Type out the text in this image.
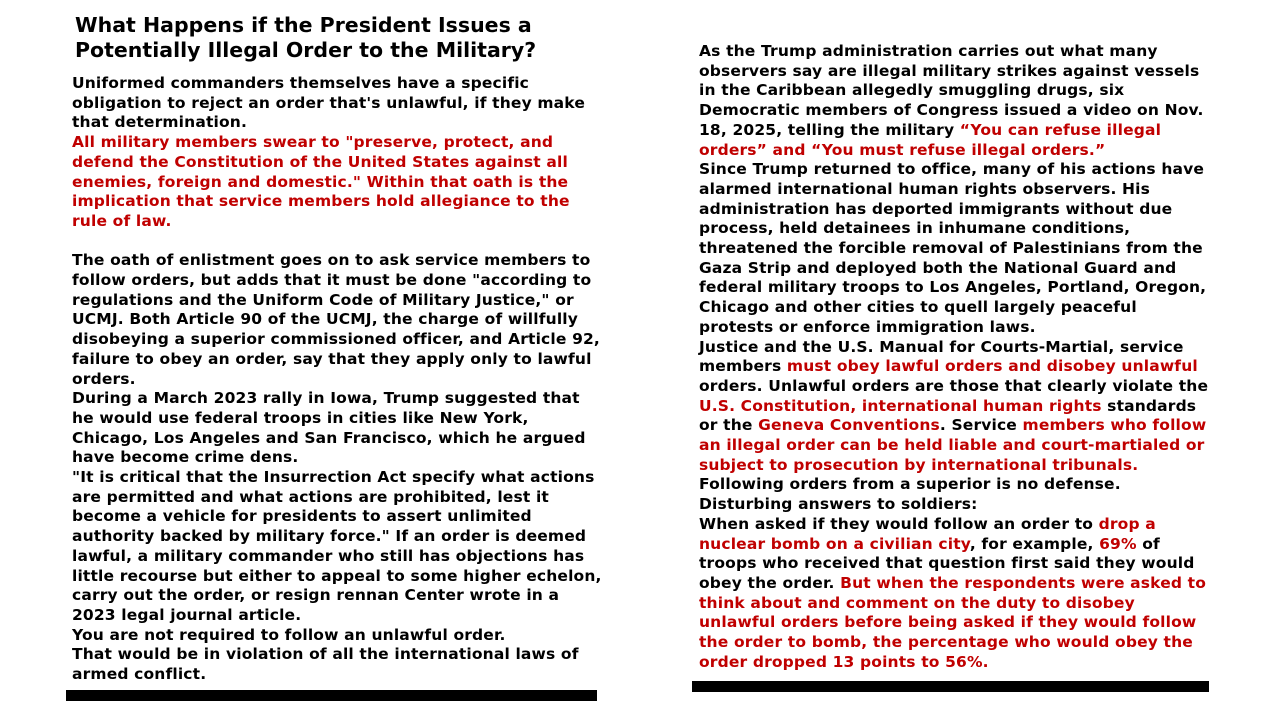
What Happens if the President Issues a Potentially Illegal Order to the Military?

Uniformed commanders themselves have a specific obligation to reject an order that's unlawful, if they make that determination.

All military members swear to "preserve, protect, and defend the Constitution of the United States against all enemies, foreign and domestic." Within that oath is the implication that service members hold allegiance to the rule of law.

The oath of enlistment goes on to ask service members to follow orders, but adds that it must be done "according to regulations and the Uniform Code of Military Justice," or UCMJ. Both Article 90 of the UCMJ, the charge of willfully disobeying a superior commissioned officer, and Article 92, failure to obey an order, say that they apply only to lawful orders.

During a March 2023 rally in Iowa, Trump suggested that he would use federal troops in cities like New York, Chicago, Los Angeles and San Francisco, which he argued have become crime dens.

"It is critical that the Insurrection Act specify what actions are permitted and what actions are prohibited, lest it become a vehicle for presidents to assert unlimited authority backed by military force." If an order is deemed lawful, a military commander who still has objections has little recourse but either to appeal to some higher echelon, carry out the order, or resign rennan Center wrote in a 2023 legal journal article.

You are not required to follow an unlawful order.

That would be in violation of all the international laws of armed conflict.

As the Trump administration carries out what many observers say are illegal military strikes against vessels in the Caribbean allegedly smuggling drugs, six Democratic members of Congress issued a video on Nov. 18, 2025, telling the military “You can refuse illegal orders” and “You must refuse illegal orders.”

Since Trump returned to office, many of his actions have alarmed international human rights observers. His administration has deported immigrants without due process, held detainees in inhumane conditions, threatened the forcible removal of Palestinians from the Gaza Strip and deployed both the National Guard and federal military troops to Los Angeles, Portland, Oregon, Chicago and other cities to quell largely peaceful protests or enforce immigration laws.

Justice and the U.S. Manual for Courts-Martial, service members must obey lawful orders and disobey unlawful orders. Unlawful orders are those that clearly violate the U.S. Constitution, international human rights standards or the Geneva Conventions. Service members who follow an illegal order can be held liable and court-martialed or subject to prosecution by international tribunals. Following orders from a superior is no defense. Disturbing answers to soldiers:

When asked if they would follow an order to drop a nuclear bomb on a civilian city, for example, 69% of troops who received that question first said they would obey the order. But when the respondents were asked to think about and comment on the duty to disobey unlawful orders before being asked if they would follow the order to bomb, the percentage who would obey the order dropped 13 points to 56%.
